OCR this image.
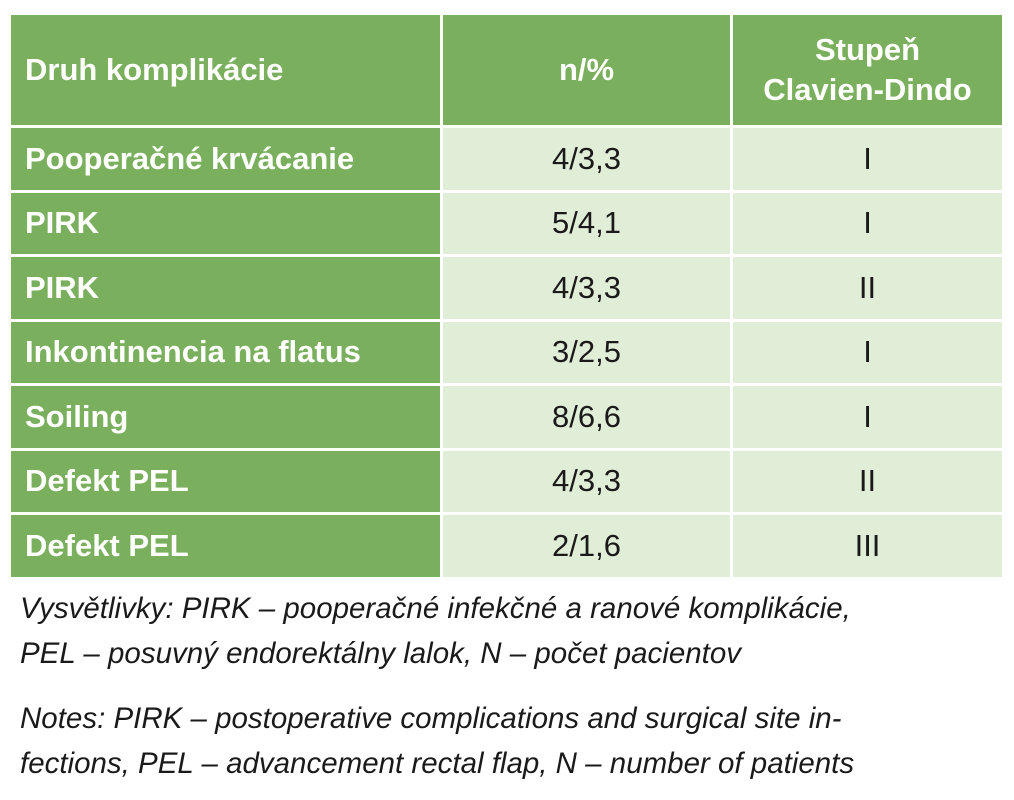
Druh komplikácie	n/%	Stupeň
Clavien-Dindo
Pooperačné krvácanie	4/3,3	I
PIRK	5/4,1	I
PIRK	4/3,3	II
Inkontinencia na flatus	3/2,5	I
Soiling	8/6,6	I
Defekt PEL	4/3,3	II
Defekt PEL	2/1,6	III

Vysvětlivky: PIRK – pooperačné infekčné a ranové komplikácie,

PEL – posuvný endorektálny lalok, N – počet pacientov

Notes: PIRK – postoperative complications and surgical site in-

fections, PEL – advancement rectal flap, N – number of patients
